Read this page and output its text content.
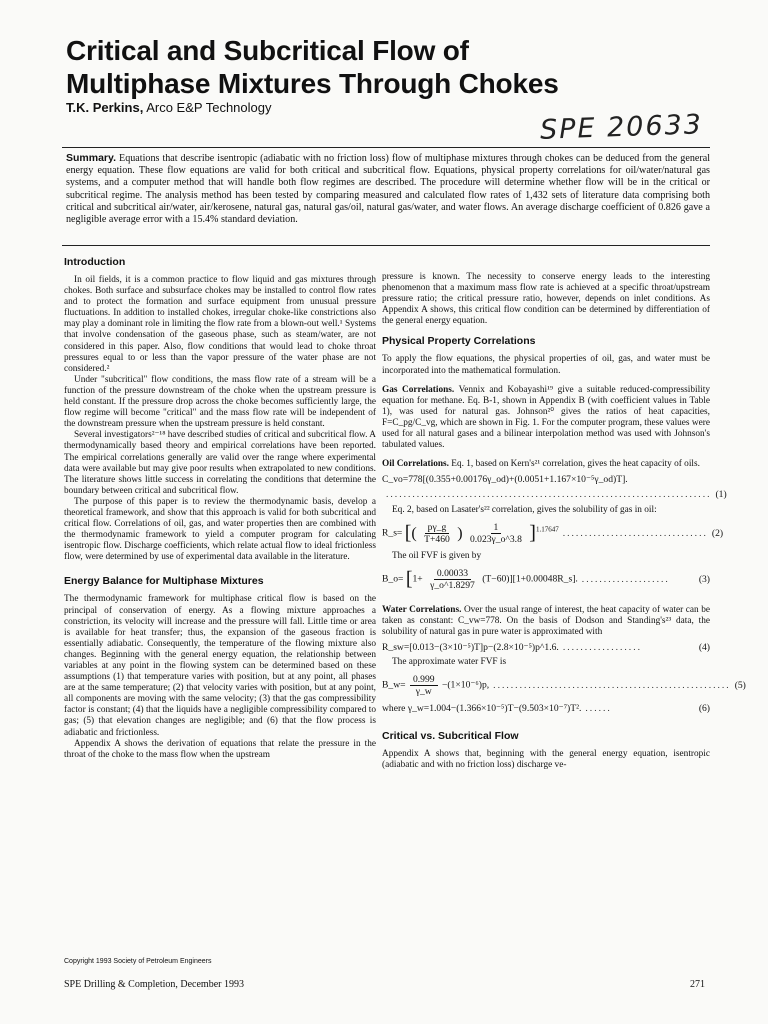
Critical and Subcritical Flow of
Multiphase Mixtures Through Chokes
T.K. Perkins, Arco E&P Technology
SPE 20633
Summary. Equations that describe isentropic (adiabatic with no friction loss) flow of multiphase mixtures through chokes can be deduced from the general energy equation. These flow equations are valid for both critical and subcritical flow. Equations, physical property correlations for oil/water/natural gas systems, and a computer method that will handle both flow regimes are described. The procedure will determine whether flow will be in the critical or subcritical regime. The analysis method has been tested by comparing measured and calculated flow rates of 1,432 sets of literature data comprising both critical and subcritical air/water, air/kerosene, natural gas, natural gas/oil, natural gas/water, and water flows. An average discharge coefficient of 0.826 gave a negligible average error with a 15.4% standard deviation.
Introduction

In oil fields, it is a common practice to flow liquid and gas mixtures through chokes. Both surface and subsurface chokes may be installed to control flow rates and to protect the formation and surface equipment from unusual pressure fluctuations. In addition to installed chokes, irregular choke-like constrictions also may play a dominant role in limiting the flow rate from a blown-out well.¹ Systems that involve condensation of the gaseous phase, such as steam/water, are not considered in this paper. Also, flow conditions that would lead to choke throat pressures equal to or less than the vapor pressure of the water phase are not considered.²

Under "subcritical" flow conditions, the mass flow rate of a stream will be a function of the pressure downstream of the choke when the upstream pressure is held constant. If the pressure drop across the choke becomes sufficiently large, the flow regime will become "critical" and the mass flow rate will be independent of the downstream pressure when the upstream pressure is held constant.

Several investigators²⁻¹⁸ have described studies of critical and subcritical flow. A thermodynamically based theory and empirical correlations have been reported. The empirical correlations generally are valid over the range where experimental data were available but may give poor results when extrapolated to new conditions. The literature shows little success in correlating the conditions that determine the boundary between critical and subcritical flow.

The purpose of this paper is to review the thermodynamic basis, develop a theoretical framework, and show that this approach is valid for both subcritical and critical flow. Correlations of oil, gas, and water properties then are combined with the thermodynamic framework to yield a computer program for calculating isentropic flow. Discharge coefficients, which relate actual flow to ideal frictionless flow, were determined by use of experimental data available in the literature.

Energy Balance for Multiphase Mixtures

The thermodynamic framework for multiphase critical flow is based on the principal of conservation of energy. As a flowing mixture approaches a constriction, its velocity will increase and the pressure will fall. Little time or area is available for heat transfer; thus, the expansion of the gaseous fraction is essentially adiabatic. Consequently, the temperature of the flowing mixture also changes. Beginning with the general energy equation, the relationship between variables at any point in the flowing system can be determined based on these assumptions (1) that temperature varies with position, but at any point, all phases are at the same temperature; (2) that velocity varies with position, but at any point, all components are moving with the same velocity; (3) that the gas compressibility factor is constant; (4) that the liquids have a negligible compressibility compared to gas; (5) that elevation changes are negligible; and (6) that the flow process is adiabatic and frictionless.

Appendix A shows the derivation of equations that relate the pressure in the throat of the choke to the mass flow when the upstream

pressure is known. The necessity to conserve energy leads to the interesting phenomenon that a maximum mass flow rate is achieved at a specific throat/upstream pressure ratio; the critical pressure ratio, however, depends on inlet conditions. As Appendix A shows, this critical flow condition can be determined by differentiation of the general energy equation.

Physical Property Correlations

To apply the flow equations, the physical properties of oil, gas, and water must be incorporated into the mathematical formulation.

Gas Correlations. Vennix and Kobayashi¹⁹ give a suitable reduced-compressibility equation for methane. Eq. B-1, shown in Appendix B (with coefficient values in Table 1), was used for natural gas. Johnson²⁰ gives the ratios of heat capacities, F=C_pg/C_vg, which are shown in Fig. 1. For the computer program, these values were used for all natural gases and a bilinear interpolation method was used with Johnson's tabulated values.

Oil Correlations. Eq. 1, based on Kern's²¹ correlation, gives the heat capacity of oils.

C_vo=778[(0.355+0.00176γ_od)+(0.0051+1.167×10⁻⁵γ_od)T].
.......................................................................... (1)

Eq. 2, based on Lasater's²² correlation, gives the solubility of gas in oil:

R_s= [( $\frac{p\gamma\_g}{T+460}$ ) $\frac{1}{0.023\gamma\_o\^{}3.8} ]^{1.17647}$ ................................. (2)

The oil FVF is given by

B_o= [$1+ \frac{0.00033}{\gamma\_o\^{}1.8297}$ (T−60)][1+0.00048R_s]. ....................	(3)

Water Correlations. Over the usual range of interest, the heat capacity of water can be taken as constant: C_vw=778. On the basis of Dodson and Standing's²³ data, the solubility of natural gas in pure water is approximated with

R_sw=[0.013−(3×10⁻⁵)T]p−(2.8×10⁻⁵)p^1.6. ..................	(4)

The approximate water FVF is

B_w= $\frac{0.999}{\gamma\_w} -(1\times 10^{-6})p$, ...................................................... (5)
where γ_w=1.004−(1.366×10⁻⁵)T−(9.503×10⁻⁷)T². ......	(6)
Critical vs. Subcritical Flow

Appendix A shows that, beginning with the general energy equation, isentropic (adiabatic and with no friction loss) discharge ve-

Copyright 1993 Society of Petroleum Engineers
SPE Drilling & Completion, December 1993	271
